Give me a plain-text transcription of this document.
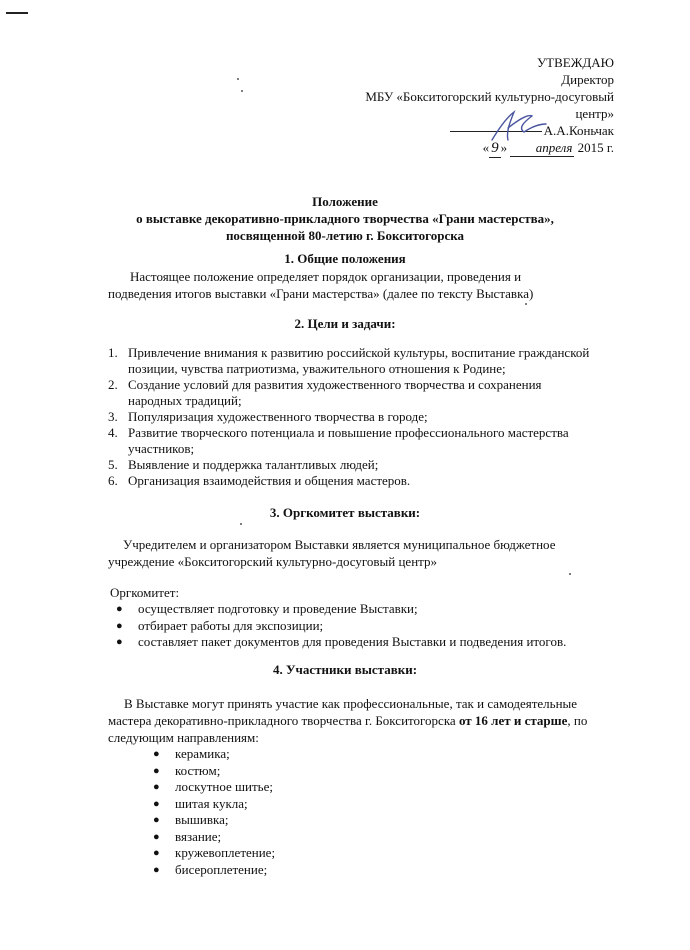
УТВЕЖДАЮ
Директор
МБУ «Бокситогорский культурно-досуговый
центр»
А.А.Коньчак
« 9 » апреля 2015 г.
Положение
о выставке декоративно-прикладного творчества «Грани мастерства»,
посвященной 80-летию г. Бокситогорска
1. Общие положения
Настоящее положение определяет порядок организации, проведения и
подведения итогов выставки «Грани мастерства» (далее по тексту Выставка)
2. Цели и задачи:
1. Привлечение внимания к развитию российской культуры, воспитание гражданской
позиции, чувства патриотизма, уважительного отношения к Родине;
2. Создание условий для развития художественного творчества и сохранения
народных традиций;
3. Популяризация художественного творчества в городе;
4. Развитие творческого потенциала и повышение профессионального мастерства
участников;
5. Выявление и поддержка талантливых людей;
6. Организация взаимодействия и общения мастеров.
3. Оргкомитет выставки:
Учредителем и организатором Выставки является муниципальное бюджетное
учреждение «Бокситогорский культурно-досуговый центр»
Оргкомитет:
● осуществляет подготовку и проведение Выставки;
● отбирает работы для экспозиции;
● составляет пакет документов для проведения Выставки и подведения итогов.
4. Участники выставки:
В Выставке могут принять участие как профессиональные, так и самодеятельные
мастера декоративно-прикладного творчества г. Бокситогорска от 16 лет и старше, по
следующим направлениям:
● керамика;
● костюм;
● лоскутное шитье;
● шитая кукла;
● вышивка;
● вязание;
● кружевоплетение;
● бисероплетение;
